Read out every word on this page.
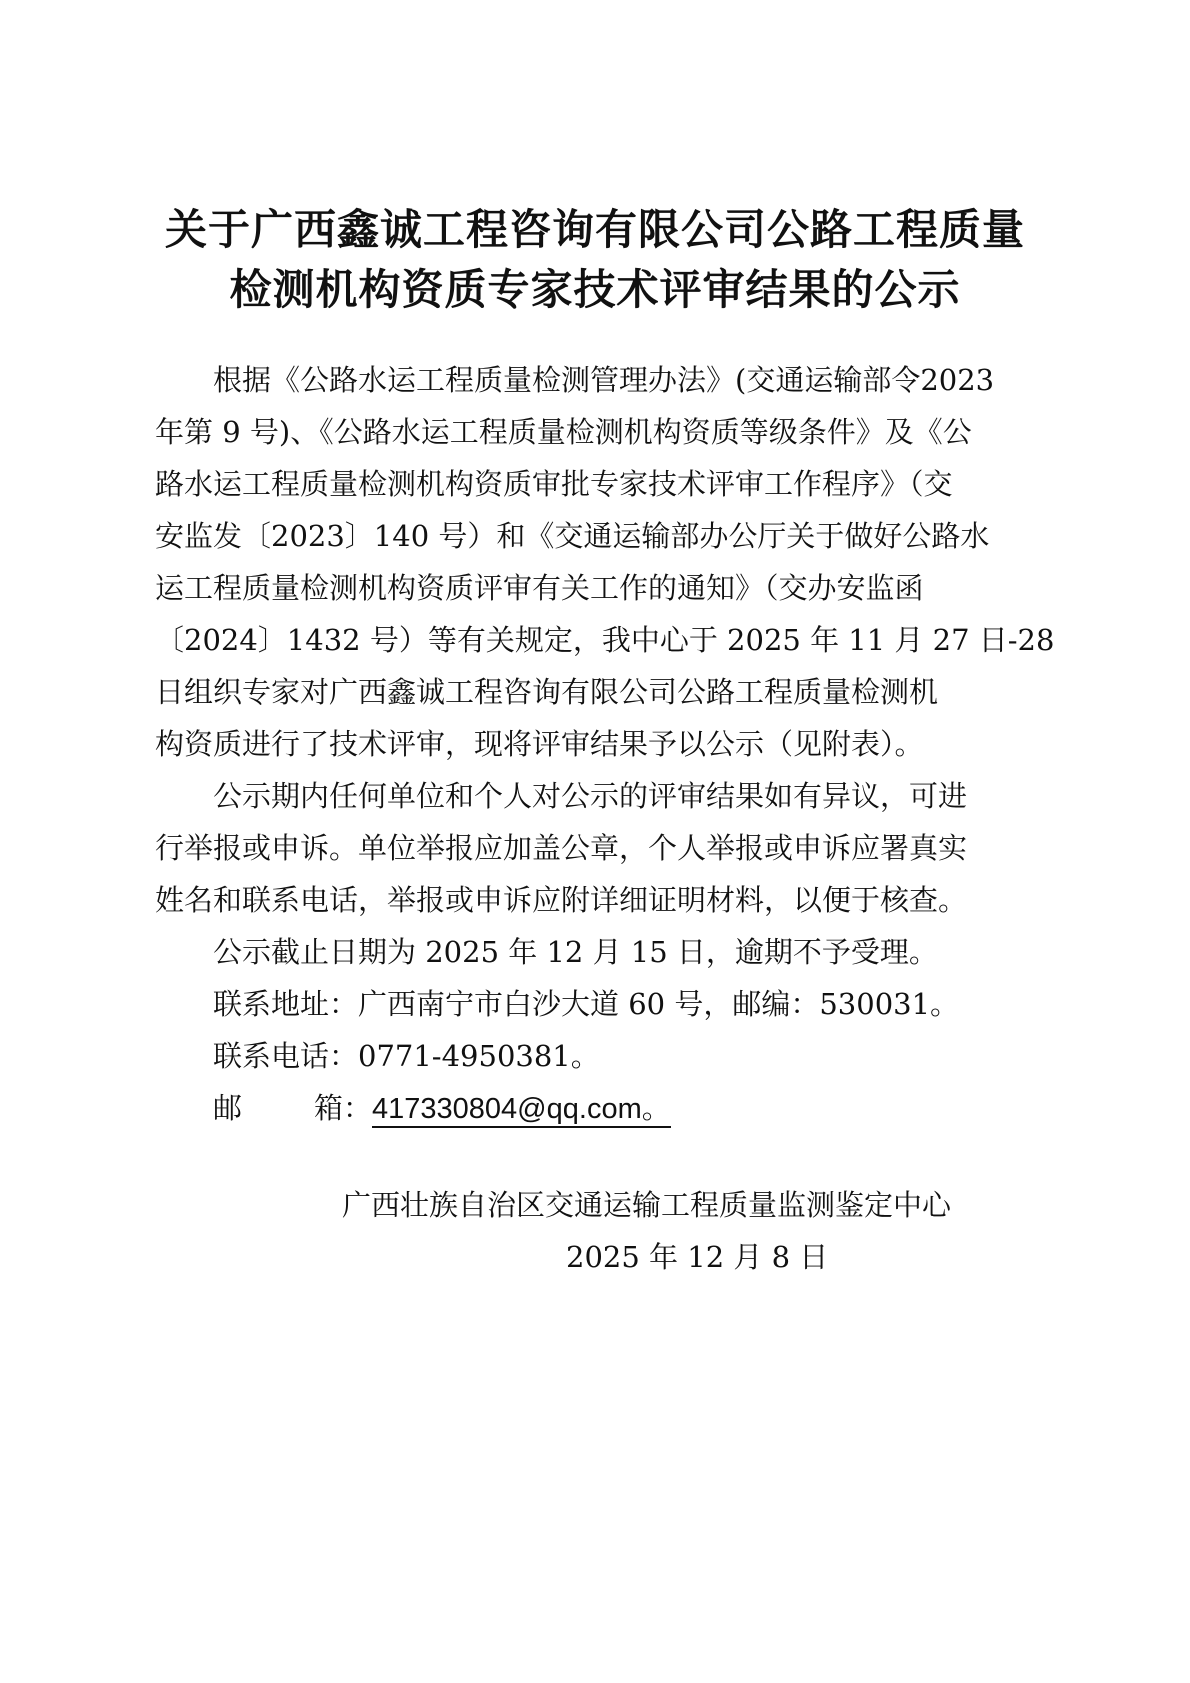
关于广西鑫诚工程咨询有限公司公路工程质量
检测机构资质专家技术评审结果的公示
根据《公路水运工程质量检测管理办法》(交通运输部令2023
年第 9 号)、《公路水运工程质量检测机构资质等级条件》及《公
路水运工程质量检测机构资质审批专家技术评审工作程序》（交
安监发〔2023〕140 号）和《交通运输部办公厅关于做好公路水
运工程质量检测机构资质评审有关工作的通知》（交办安监函
〔2024〕1432 号）等有关规定，我中心于 2025 年 11 月 27 日-28
日组织专家对广西鑫诚工程咨询有限公司公路工程质量检测机
构资质进行了技术评审，现将评审结果予以公示（见附表）。
公示期内任何单位和个人对公示的评审结果如有异议，可进
行举报或申诉。单位举报应加盖公章，个人举报或申诉应署真实
姓名和联系电话，举报或申诉应附详细证明材料，以便于核查。
公示截止日期为 2025 年 12 月 15 日，逾期不予受理。
联系地址：广西南宁市白沙大道 60 号，邮编：530031。
联系电话：0771-4950381。
邮 箱：417330804@qq.com。
广西壮族自治区交通运输工程质量监测鉴定中心
2025 年 12 月 8 日
